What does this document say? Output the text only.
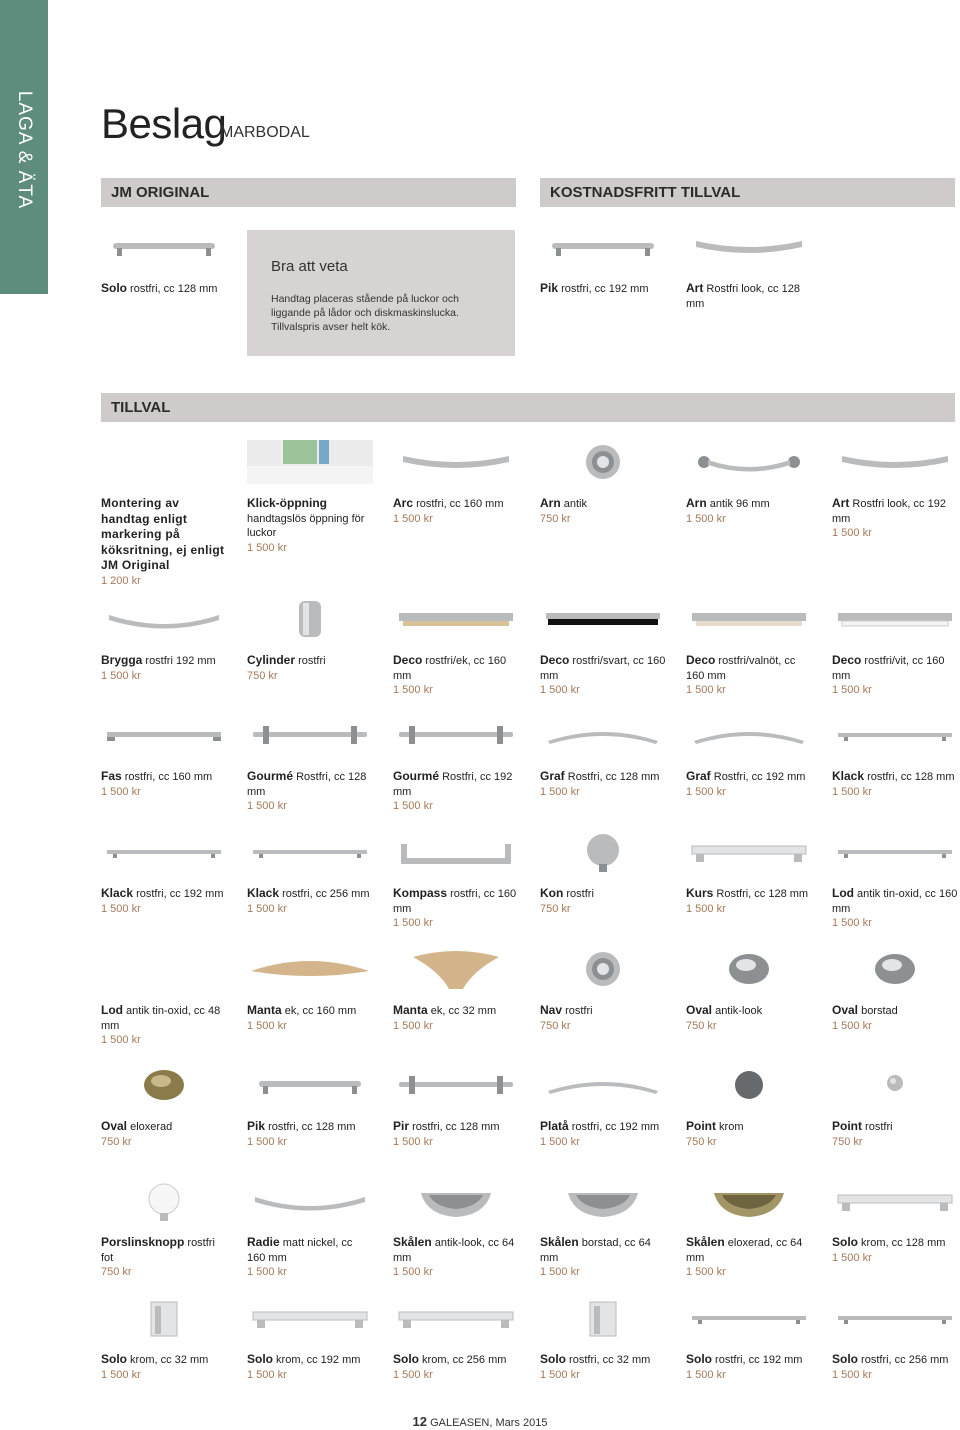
LAGA & ÄTA Beslag
MARBODAL
JM ORIGINAL	KOSTNADSFRITT TILLVAL
TILLVAL
Bra att veta
Handtag placeras stående på luckor och liggande på lådor och diskmaskinslucka. Tillvalspris avser helt kök.
Solo rostfri, cc 128 mm	Pik rostfri, cc 192 mm	Art Rostfri look, cc 128 mm
Montering av handtag enligt markering på köksritning, ej enligt JM Original
1 200 kr
Klick-öppning
handtagslös öppning för luckor
1 500 kr
Arc rostfri, cc 160 mm
1 500 kr
Arn antik
750 kr
Arn antik 96 mm
1 500 kr
Art Rostfri look, cc 192 mm
1 500 kr
Brygga rostfri 192 mm
1 500 kr
Cylinder rostfri
750 kr
Deco rostfri/ek, cc 160 mm
1 500 kr
Deco rostfri/svart, cc 160 mm
1 500 kr
Deco rostfri/valnöt, cc 160 mm
1 500 kr
Deco rostfri/vit, cc 160 mm
1 500 kr
Fas rostfri, cc 160 mm
1 500 kr
Gourmé Rostfri, cc 128 mm
1 500 kr
Gourmé Rostfri, cc 192 mm
1 500 kr
Graf Rostfri, cc 128 mm
1 500 kr
Graf Rostfri, cc 192 mm
1 500 kr
Klack rostfri, cc 128 mm
1 500 kr
Klack rostfri, cc 192 mm
1 500 kr
Klack rostfri, cc 256 mm
1 500 kr
Kompass rostfri, cc 160 mm
1 500 kr
Kon rostfri
750 kr
Kurs Rostfri, cc 128 mm
1 500 kr
Lod antik tin-oxid, cc 160 mm
1 500 kr
Lod antik tin-oxid, cc 48 mm
1 500 kr
Manta ek, cc 160 mm
1 500 kr
Manta ek, cc 32 mm
1 500 kr
Nav rostfri
750 kr
Oval antik-look
750 kr
Oval borstad
1 500 kr
Oval eloxerad
750 kr
Pik rostfri, cc 128 mm
1 500 kr
Pir rostfri, cc 128 mm
1 500 kr
Platå rostfri, cc 192 mm
1 500 kr
Point krom
750 kr
Point rostfri
750 kr
Porslinsknopp rostfri fot
750 kr
Radie matt nickel, cc 160 mm
1 500 kr
Skålen antik-look, cc 64 mm
1 500 kr
Skålen borstad, cc 64 mm
1 500 kr
Skålen eloxerad, cc 64 mm
1 500 kr
Solo krom, cc 128 mm
1 500 kr
Solo krom, cc 32 mm
1 500 kr
Solo krom, cc 192 mm
1 500 kr
Solo krom, cc 256 mm
1 500 kr
Solo rostfri, cc 32 mm
1 500 kr
Solo rostfri, cc 192 mm
1 500 kr
Solo rostfri, cc 256 mm
1 500 kr
12 GALEASEN, Mars 2015
